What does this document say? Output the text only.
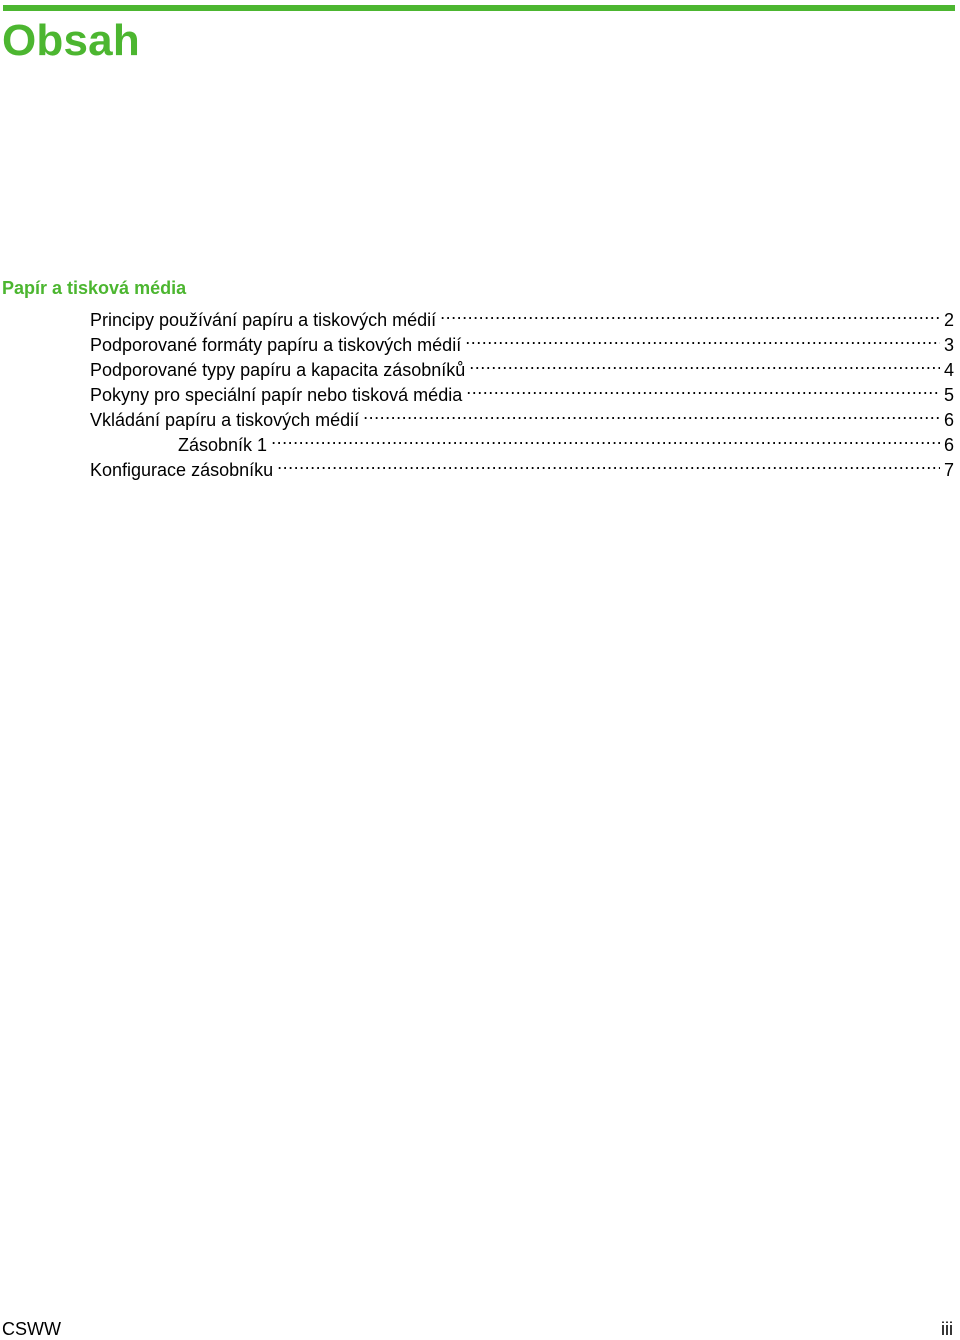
Obsah
Papír a tisková média
Principy používání papíru a tiskových médií .....	2
Podporované formáty papíru a tiskových médií .....	3
Podporované typy papíru a kapacita zásobníků .....	4
Pokyny pro speciální papír nebo tisková média .....	5
Vkládání papíru a tiskových médií .....	6
Zásobník 1 .....	6
Konfigurace zásobníku .....	7
CSWW	iii
